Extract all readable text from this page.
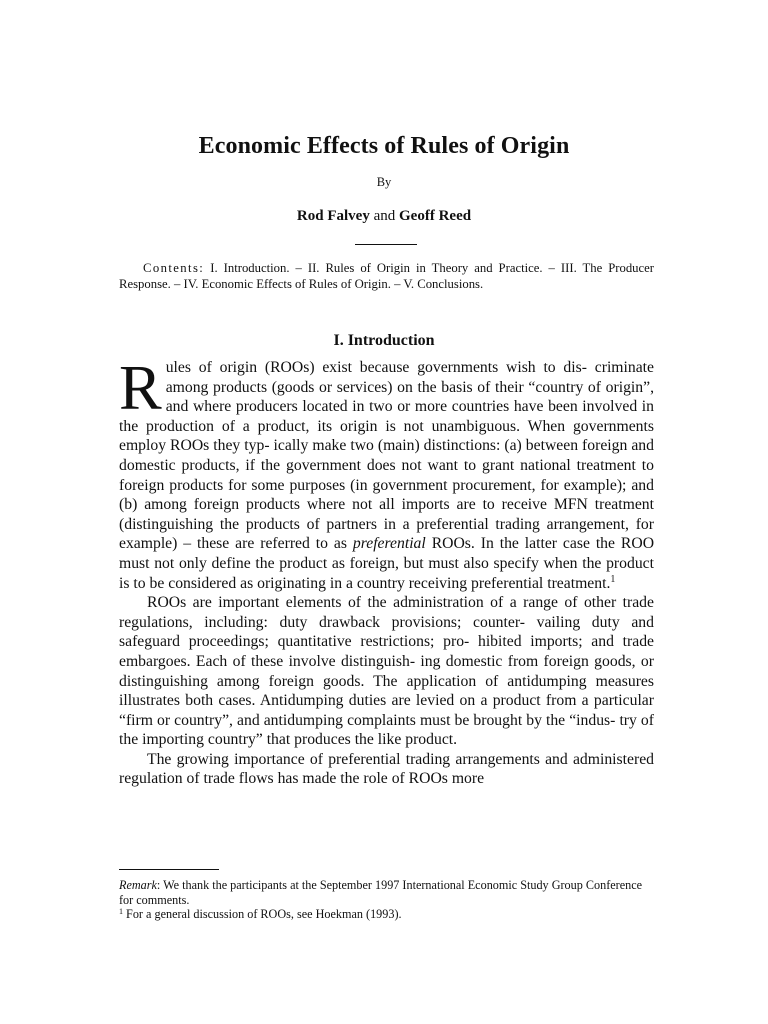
Economic Effects of Rules of Origin
By
Rod Falvey and Geoff Reed
Contents: I. Introduction. – II. Rules of Origin in Theory and Practice. – III. The Producer Response. – IV. Economic Effects of Rules of Origin. – V. Conclusions.
I. Introduction

Rules of origin (ROOs) exist because governments wish to dis- criminate among products (goods or services) on the basis of their “country of origin”, and where producers located in two or more countries have been involved in the production of a product, its origin is not unambiguous. When governments employ ROOs they typ- ically make two (main) distinctions: (a) between foreign and domestic products, if the government does not want to grant national treatment to foreign products for some purposes (in government procurement, for example); and (b) among foreign products where not all imports are to receive MFN treatment (distinguishing the products of partners in a preferential trading arrangement, for example) – these are referred to as preferential ROOs. In the latter case the ROO must not only define the product as foreign, but must also specify when the product is to be considered as originating in a country receiving preferential treatment.$^1$

ROOs are important elements of the administration of a range of other trade regulations, including: duty drawback provisions; counter- vailing duty and safeguard proceedings; quantitative restrictions; pro- hibited imports; and trade embargoes. Each of these involve distinguish- ing domestic from foreign goods, or distinguishing among foreign goods. The application of antidumping measures illustrates both cases. Antidumping duties are levied on a product from a particular “firm or country”, and antidumping complaints must be brought by the “indus- try of the importing country” that produces the like product.

The growing importance of preferential trading arrangements and administered regulation of trade flows has made the role of ROOs more

Remark: We thank the participants at the September 1997 International Economic Study Group Conference for comments.

$^1$ For a general discussion of ROOs, see Hoekman (1993).
